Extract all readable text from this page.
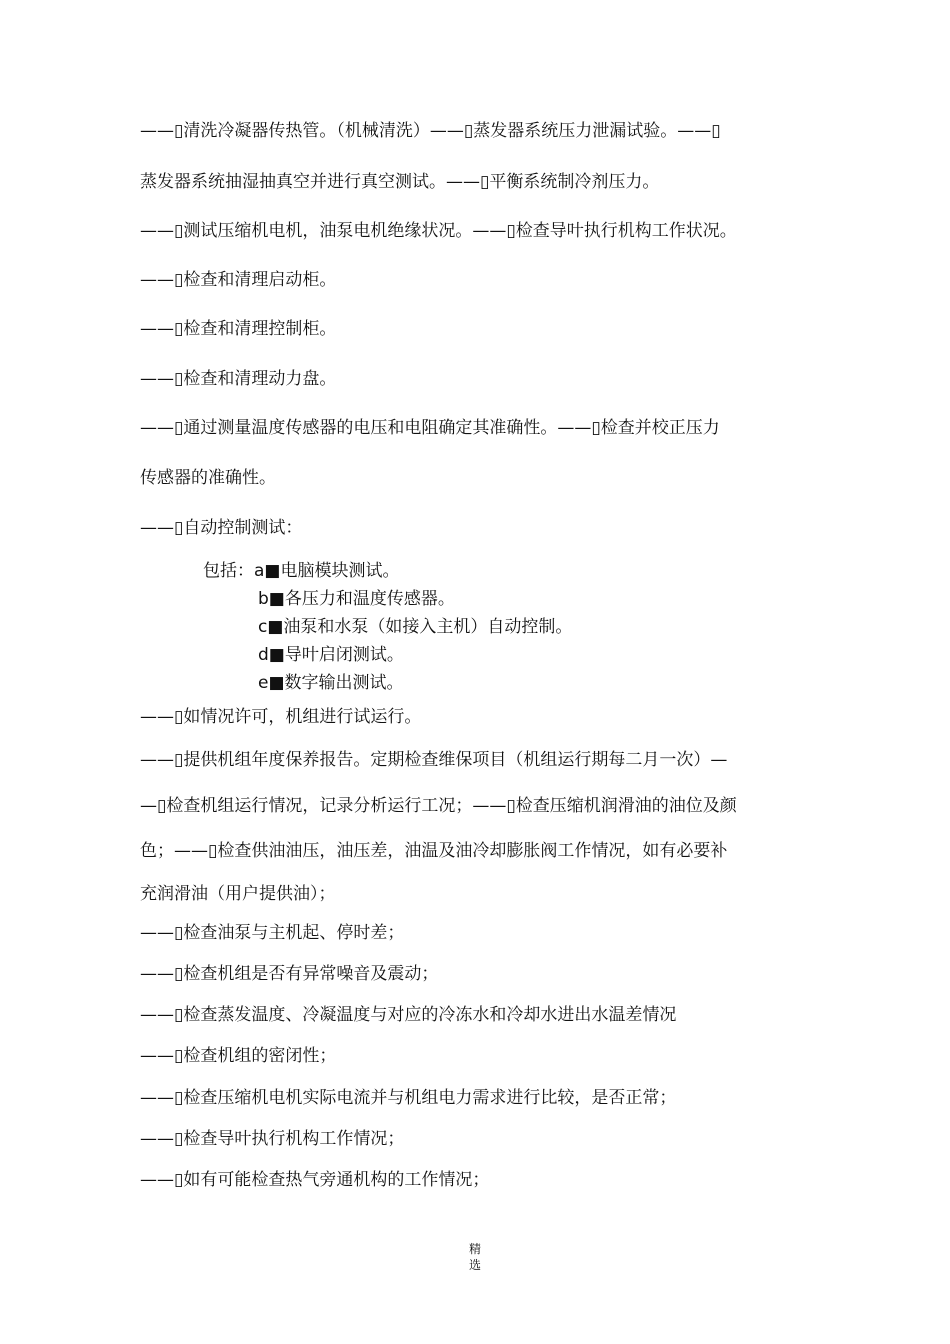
——▯清洗冷凝器传热管。（机械清洗）——▯蒸发器系统压力泄漏试验。——▯
蒸发器系统抽湿抽真空并进行真空测试。——▯平衡系统制冷剂压力。
——▯测试压缩机电机，油泵电机绝缘状况。——▯检查导叶执行机构工作状况。
——▯检查和清理启动柜。
——▯检查和清理控制柜。
——▯检查和清理动力盘。
——▯通过测量温度传感器的电压和电阻确定其准确性。——▯检查并校正压力
传感器的准确性。
——▯自动控制测试：
包括：a■电脑模块测试。
b■各压力和温度传感器。
c■油泵和水泵（如接入主机）自动控制。
d■导叶启闭测试。
e■数字输出测试。
——▯如情况许可，机组进行试运行。
——▯提供机组年度保养报告。定期检查维保项目（机组运行期每二月一次）—
—▯检查机组运行情况，记录分析运行工况；——▯检查压缩机润滑油的油位及颜
色；——▯检查供油油压，油压差，油温及油冷却膨胀阀工作情况，如有必要补
充润滑油（用户提供油）；
——▯检查油泵与主机起、停时差；
——▯检查机组是否有异常噪音及震动；
——▯检查蒸发温度、冷凝温度与对应的冷冻水和冷却水进出水温差情况
——▯检查机组的密闭性；
——▯检查压缩机电机实际电流并与机组电力需求进行比较，是否正常；
——▯检查导叶执行机构工作情况；
——▯如有可能检查热气旁通机构的工作情况；
精
选
